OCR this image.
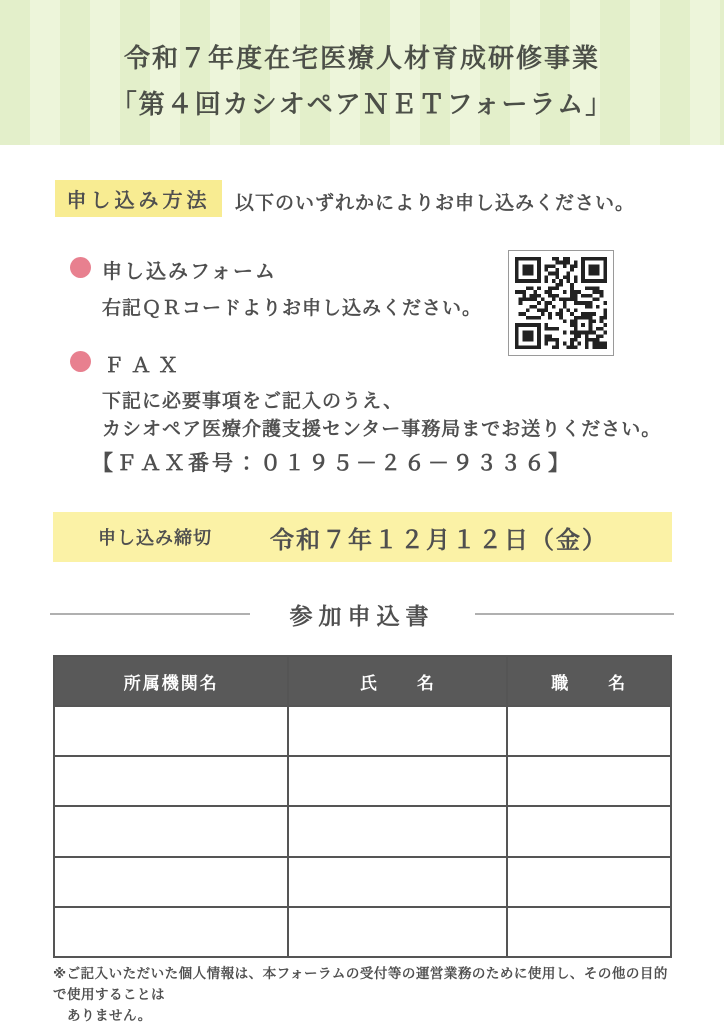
令和７年度在宅医療人材育成研修事業
「第４回カシオペアＮＥＴフォーラム」
申し込み方法	以下のいずれかによりお申し込みください。
申し込みフォーム
右記ＱＲコードよりお申し込みください。
ＦＡＸ
下記に必要事項をご記入のうえ、
カシオペア医療介護支援センター事務局までお送りください。
【ＦＡＸ番号：０１９５－２６－９３３６】
申し込み締切 令和７年１２月１２日（金）
参加申込書
所属機関名	氏　　名	職　　名

※ご記入いただいた個人情報は、本フォーラムの受付等の運営業務のために使用し、その他の目的で使用することは
ありません。
